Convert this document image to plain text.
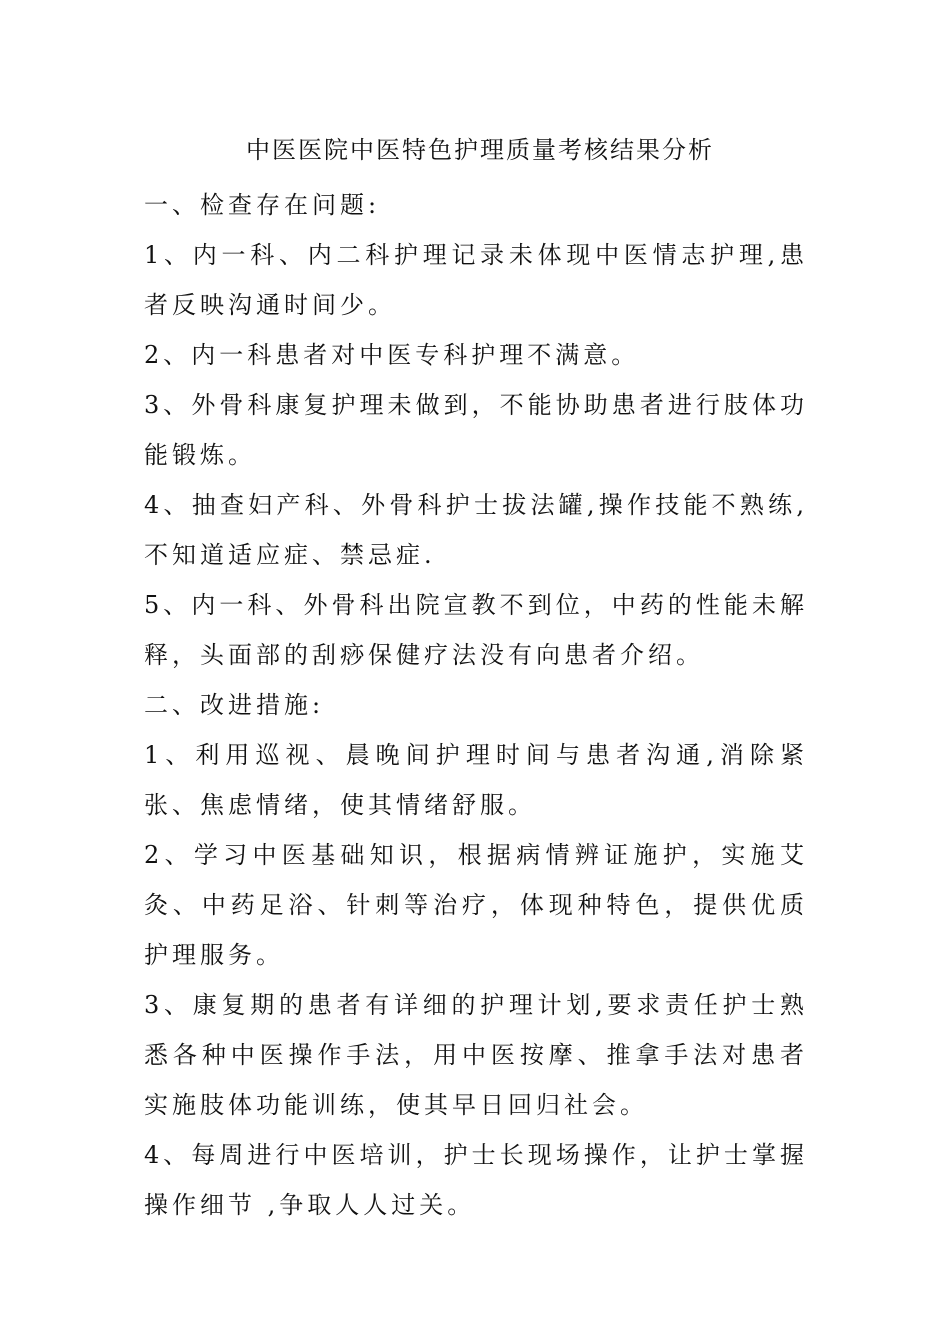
中医医院中医特色护理质量考核结果分析
一、检查存在问题:
1、内一科、内二科护理记录未体现中医情志护理,患者反映沟通时间少。
2、内一科患者对中医专科护理不满意。
3、外骨科康复护理未做到，不能协助患者进行肢体功能锻炼。
4、抽查妇产科、外骨科护士拔法罐,操作技能不熟练,不知道适应症、禁忌症.
5、内一科、外骨科出院宣教不到位，中药的性能未解释，头面部的刮痧保健疗法没有向患者介绍。
二、改进措施:
1、利用巡视、晨晚间护理时间与患者沟通,消除紧张、焦虑情绪，使其情绪舒服。
2、学习中医基础知识，根据病情辨证施护，实施艾灸、中药足浴、针刺等治疗，体现种特色，提供优质护理服务。
3、康复期的患者有详细的护理计划,要求责任护士熟悉各种中医操作手法，用中医按摩、推拿手法对患者实施肢体功能训练，使其早日回归社会。
4、每周进行中医培训，护士长现场操作，让护士掌握操作细节 ,争取人人过关。
